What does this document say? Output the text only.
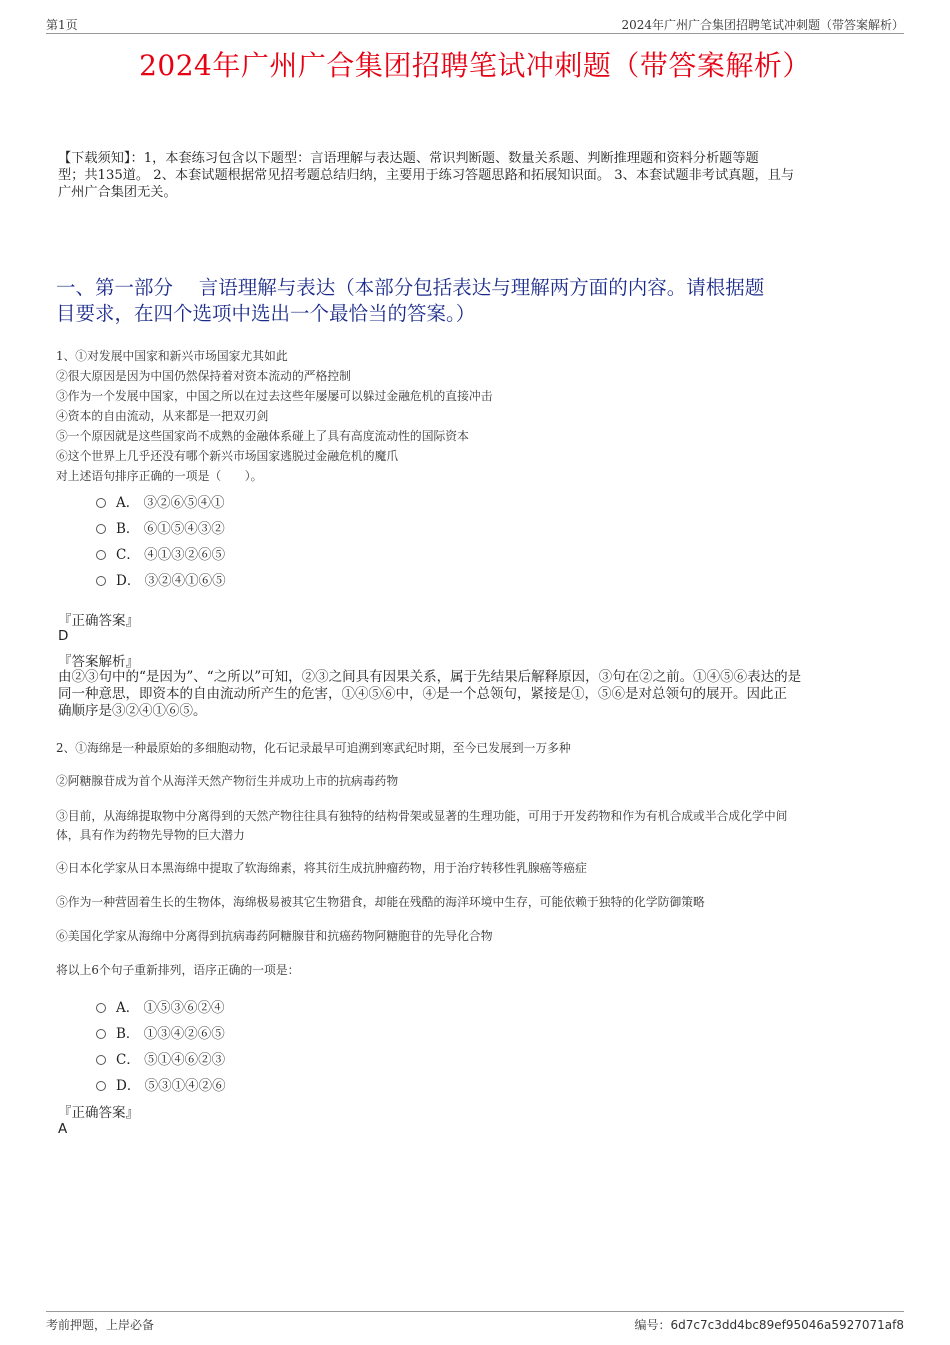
第1页	2024年广州广合集团招聘笔试冲刺题（带答案解析）
2024年广州广合集团招聘笔试冲刺题（带答案解析）
【下载须知】：1，本套练习包含以下题型：言语理解与表达题、常识判断题、数量关系题、判断推理题和资料分析题等题
型；共135道。 2、本套试题根据常见招考题总结归纳，主要用于练习答题思路和拓展知识面。 3、本套试题非考试真题，且与
广州广合集团无关。
一、第一部分　 言语理解与表达（本部分包括表达与理解两方面的内容。请根据题
目要求，在四个选项中选出一个最恰当的答案。）
1、①对发展中国家和新兴市场国家尤其如此
②很大原因是因为中国仍然保持着对资本流动的严格控制
③作为一个发展中国家，中国之所以在过去这些年屡屡可以躲过金融危机的直接冲击
④资本的自由流动，从来都是一把双刃剑
⑤一个原因就是这些国家尚不成熟的金融体系碰上了具有高度流动性的国际资本
⑥这个世界上几乎还没有哪个新兴市场国家逃脱过金融危机的魔爪
对上述语句排序正确的一项是（　　）。
A． ③②⑥⑤④①
B． ⑥①⑤④③②
C． ④①③②⑥⑤
D． ③②④①⑥⑤
『正确答案』
D
『答案解析』
由②③句中的“是因为”、“之所以”可知，②③之间具有因果关系，属于先结果后解释原因，③句在②之前。①④⑤⑥表达的是
同一种意思，即资本的自由流动所产生的危害，①④⑤⑥中，④是一个总领句，紧接是①，⑤⑥是对总领句的展开。因此正
确顺序是③②④①⑥⑤。
2、①海绵是一种最原始的多细胞动物，化石记录最早可追溯到寒武纪时期，至今已发展到一万多种
②阿糖腺苷成为首个从海洋天然产物衍生并成功上市的抗病毒药物
③目前，从海绵提取物中分离得到的天然产物往往具有独特的结构骨架或显著的生理功能，可用于开发药物和作为有机合成或半合成化学中间
体，具有作为药物先导物的巨大潜力
④日本化学家从日本黑海绵中提取了软海绵素，将其衍生成抗肿瘤药物，用于治疗转移性乳腺癌等癌症
⑤作为一种营固着生长的生物体，海绵极易被其它生物猎食，却能在残酷的海洋环境中生存，可能依赖于独特的化学防御策略
⑥美国化学家从海绵中分离得到抗病毒药阿糖腺苷和抗癌药物阿糖胞苷的先导化合物
将以上6个句子重新排列，语序正确的一项是：
A． ①⑤③⑥②④
B． ①③④②⑥⑤
C． ⑤①④⑥②③
D． ⑤③①④②⑥
『正确答案』
A
考前押题，上岸必备	编号：6d7c7c3dd4bc89ef95046a5927071af8
